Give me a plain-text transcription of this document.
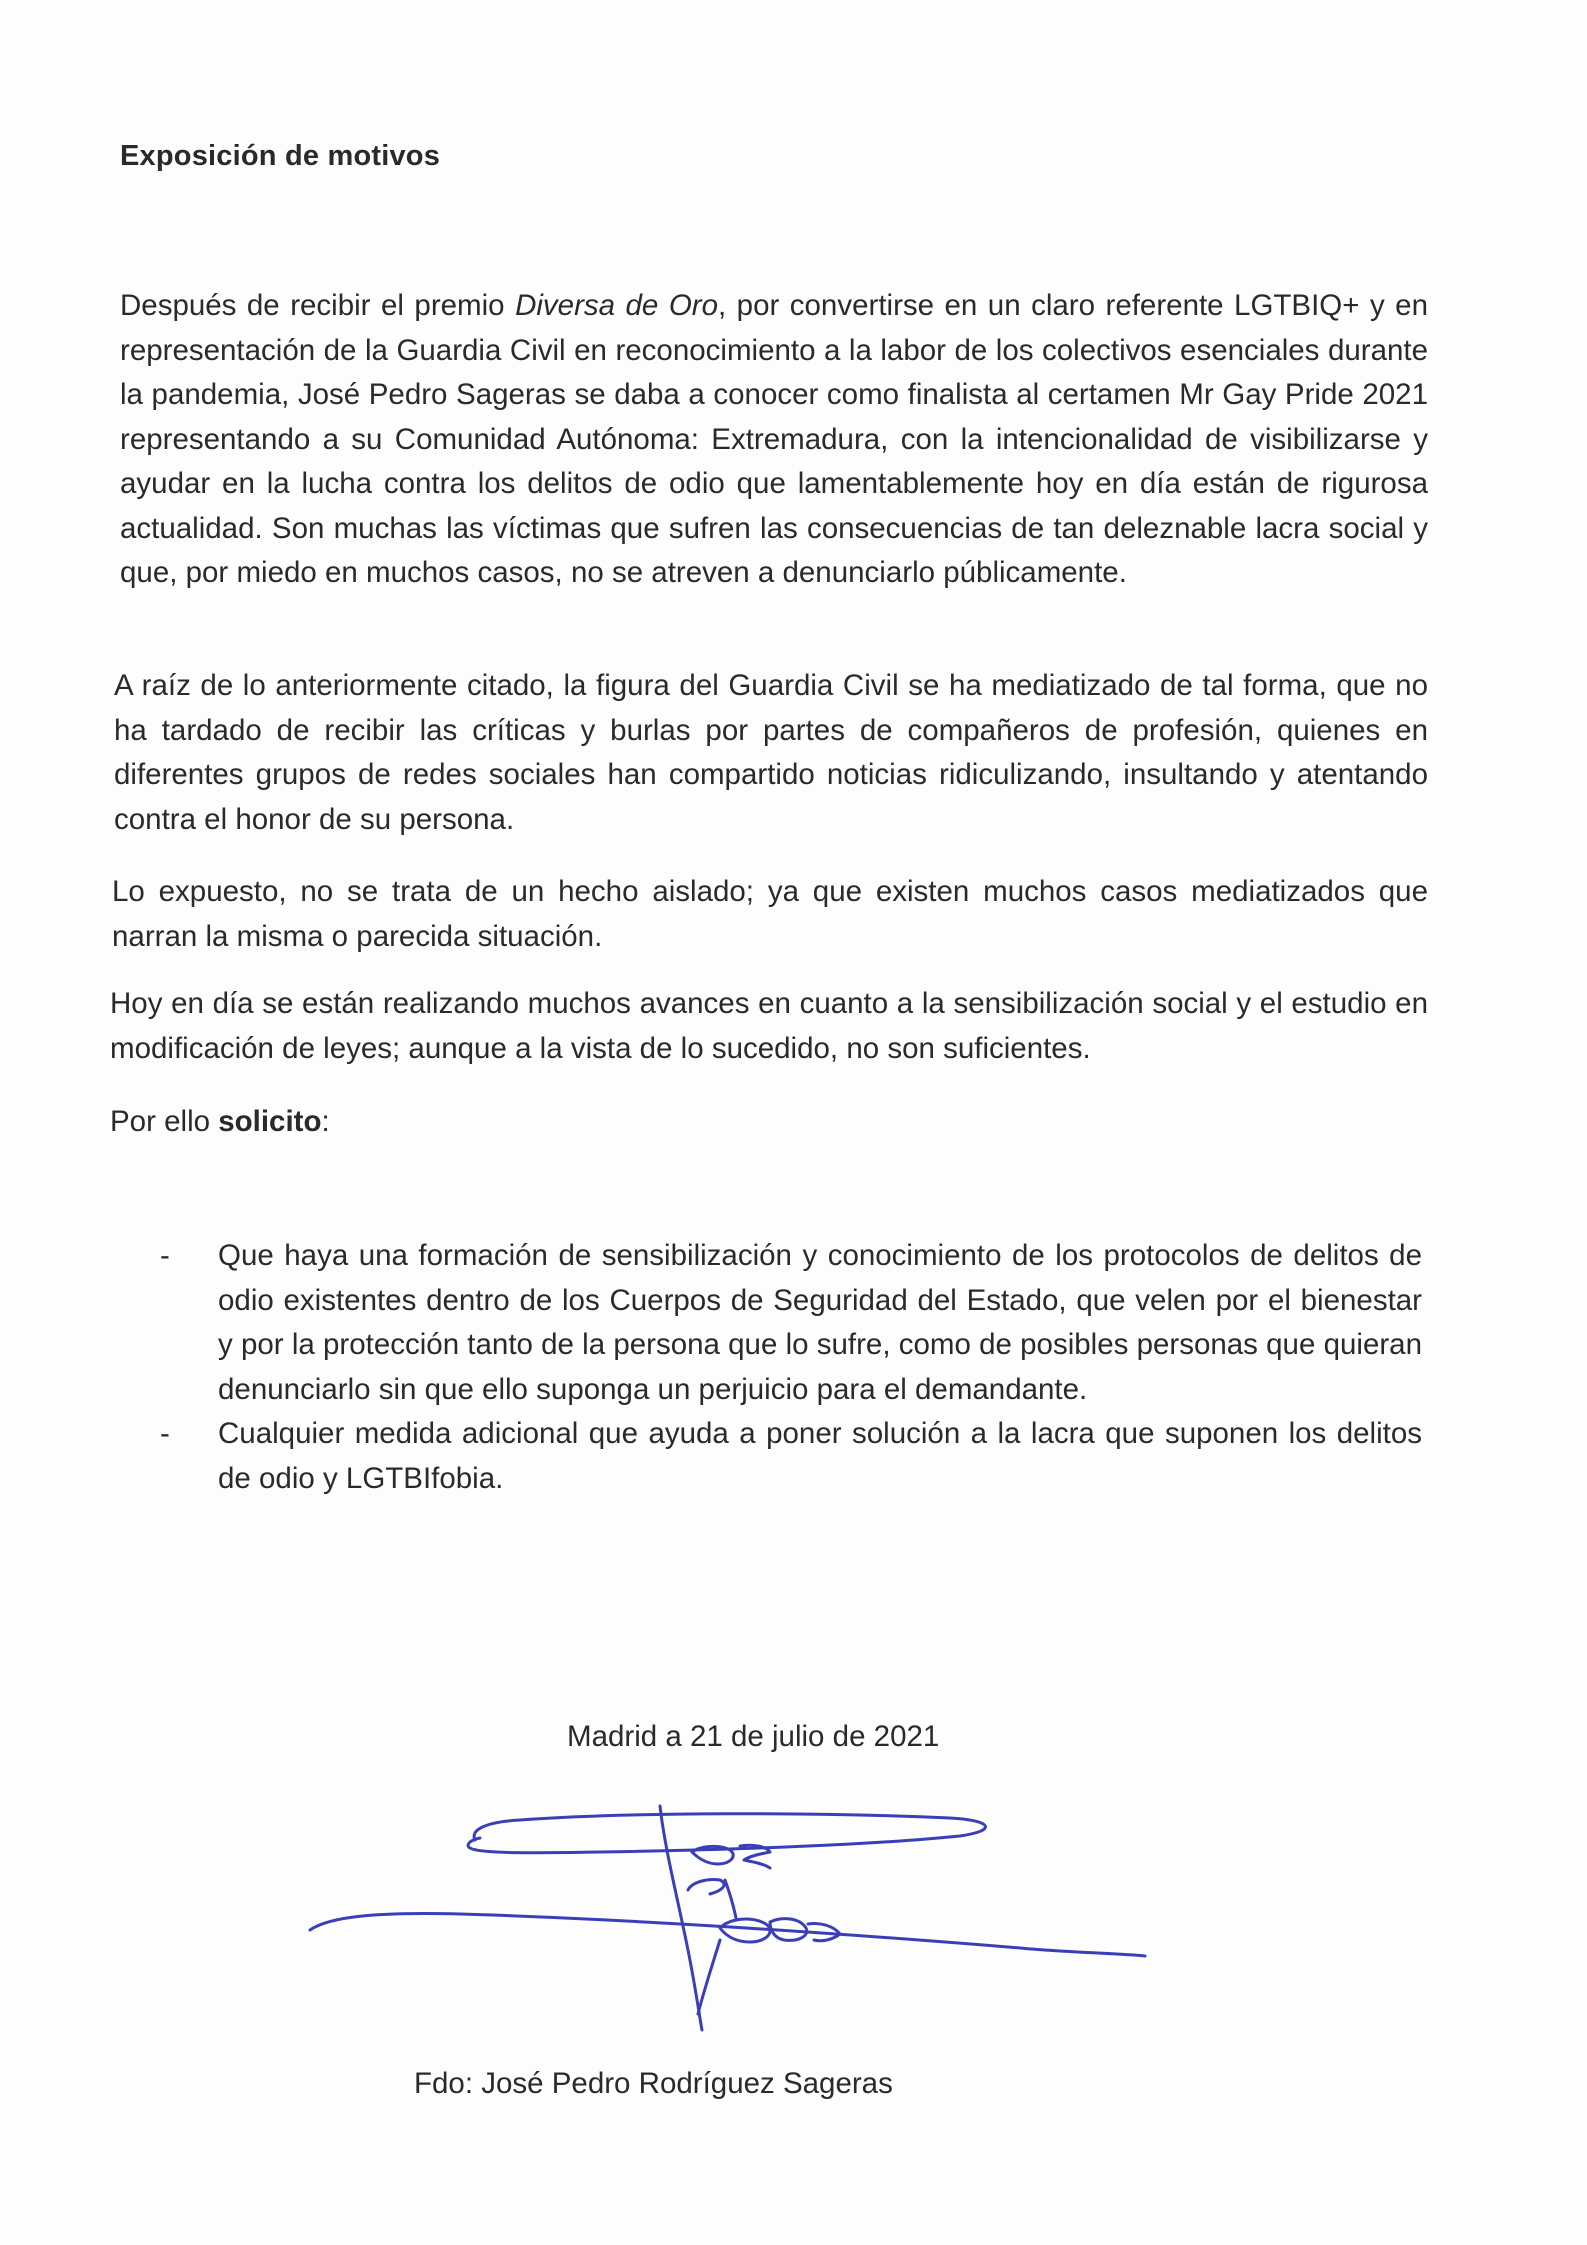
Exposición de motivos

Después de recibir el premio Diversa de Oro, por convertirse en un claro referente LGTBIQ+ y en representación de la Guardia Civil en reconocimiento a la labor de los colectivos esenciales durante la pandemia, José Pedro Sageras se daba a conocer como finalista al certamen Mr Gay Pride 2021 representando a su Comunidad Autónoma: Extremadura, con la intencionalidad de visibilizarse y ayudar en la lucha contra los delitos de odio que lamentablemente hoy en día están de rigurosa actualidad. Son muchas las víctimas que sufren las consecuencias de tan deleznable lacra social y que, por miedo en muchos casos, no se atreven a denunciarlo públicamente.

A raíz de lo anteriormente citado, la figura del Guardia Civil se ha mediatizado de tal forma, que no ha tardado de recibir las críticas y burlas por partes de compañeros de profesión, quienes en diferentes grupos de redes sociales han compartido noticias ridiculizando, insultando y atentando contra el honor de su persona.

Lo expuesto, no se trata de un hecho aislado; ya que existen muchos casos mediatizados que narran la misma o parecida situación.

Hoy en día se están realizando muchos avances en cuanto a la sensibilización social y el estudio en modificación de leyes; aunque a la vista de lo sucedido, no son suficientes.

Por ello solicito:

-	Que haya una formación de sensibilización y conocimiento de los protocolos de delitos de odio existentes dentro de los Cuerpos de Seguridad del Estado, que velen por el bienestar y por la protección tanto de la persona que lo sufre, como de posibles personas que quieran denunciarlo sin que ello suponga un perjuicio para el demandante.
-	Cualquier medida adicional que ayuda a poner solución a la lacra que suponen los delitos de odio y LGTBIfobia.
Madrid a 21 de julio de 2021
Fdo: José Pedro Rodríguez Sageras
